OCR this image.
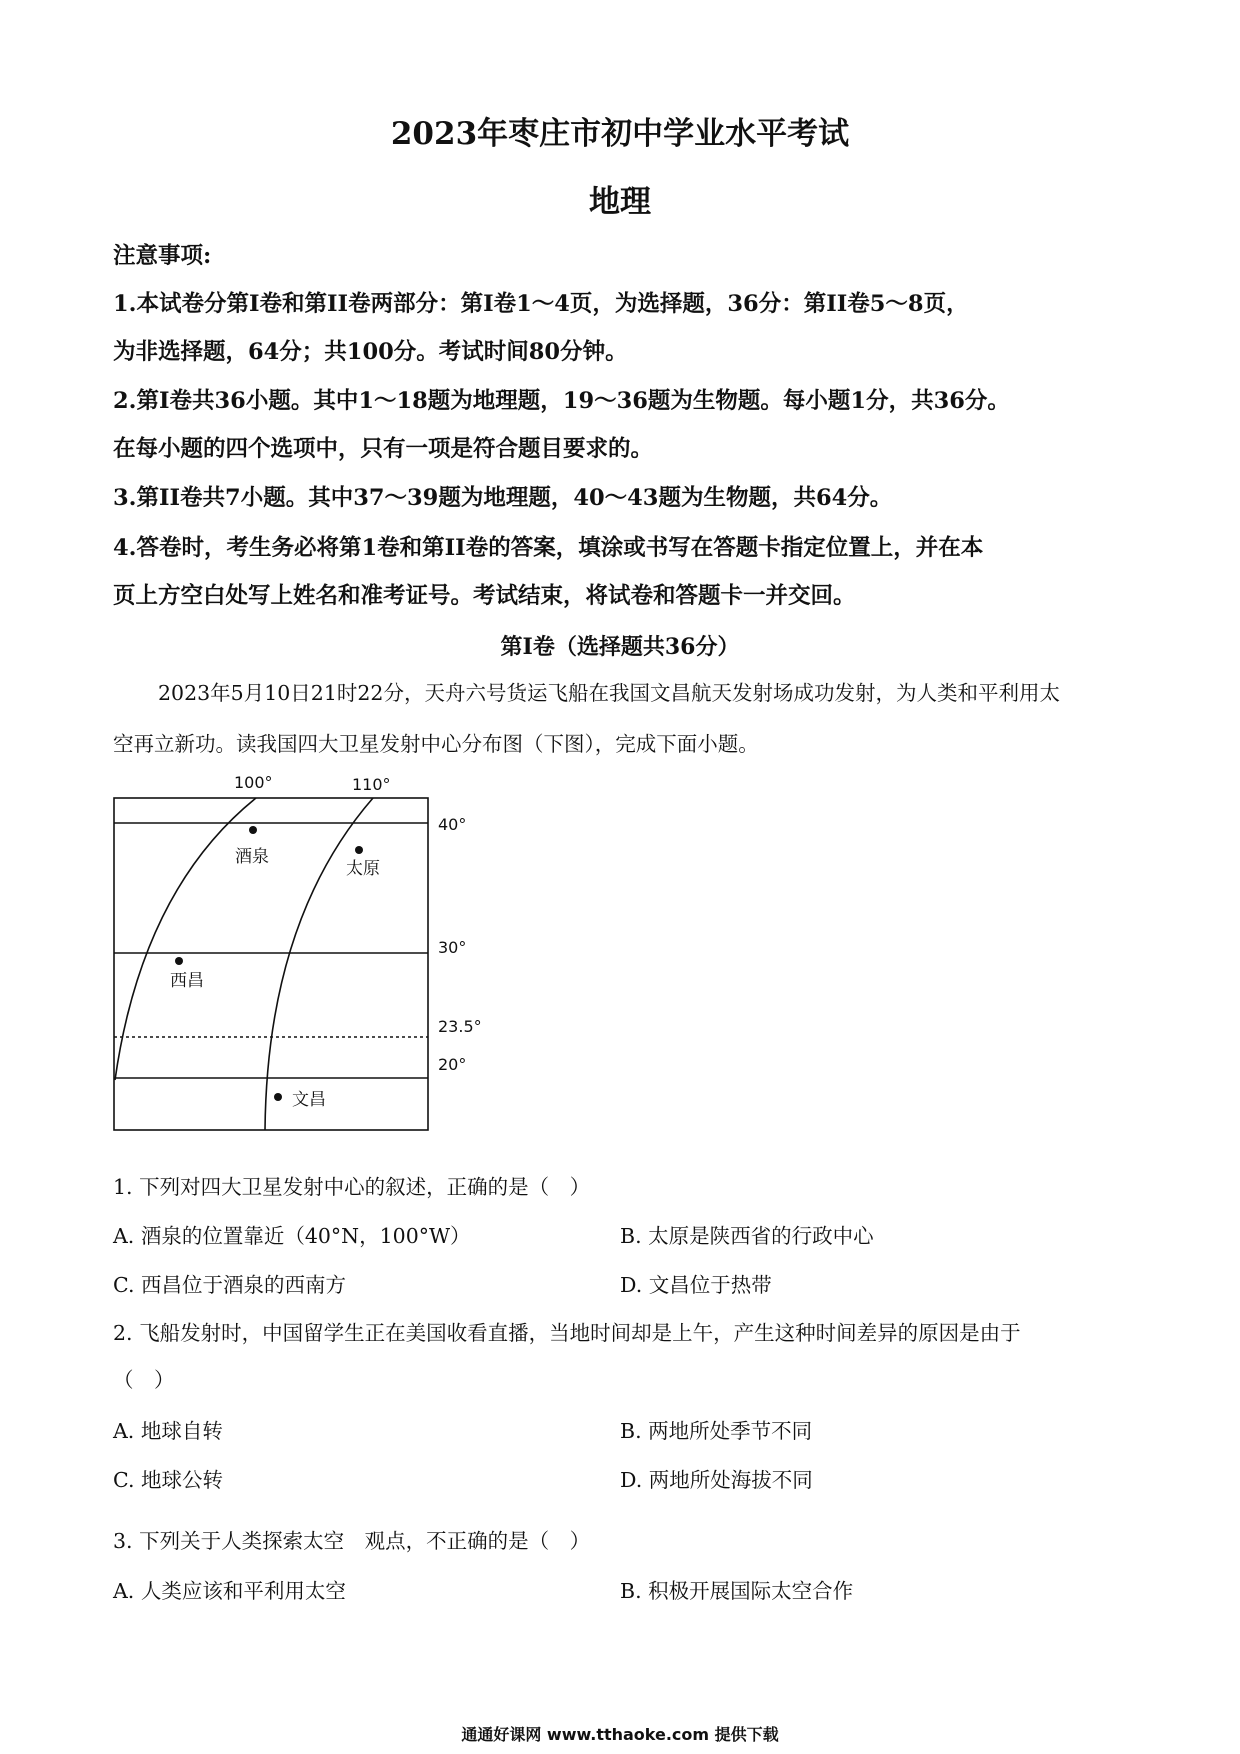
2023年枣庄市初中学业水平考试
地理
注意事项:
1.本试卷分第Ⅰ卷和第II卷两部分：第Ⅰ卷1～4页，为选择题，36分：第II卷5～8页，
为非选择题，64分；共100分。考试时间80分钟。
2.第Ⅰ卷共36小题。其中1～18题为地理题，19～36题为生物题。每小题1分，共36分。
在每小题的四个选项中，只有一项是符合题目要求的。
3.第II卷共7小题。其中37～39题为地理题，40～43题为生物题，共64分。
4.答卷时，考生务必将第1卷和第II卷的答案，填涂或书写在答题卡指定位置上，并在本
页上方空白处写上姓名和准考证号。考试结束，将试卷和答题卡一并交回。
第Ⅰ卷（选择题共36分）
2023年5月10日21时22分，天舟六号货运飞船在我国文昌航天发射场成功发射，为人类和平利用太
空再立新功。读我国四大卫星发射中心分布图（下图），完成下面小题。
100°	110°
40°
30°
23.5°
20°
酒泉
太原
西昌
文昌
1. 下列对四大卫星发射中心的叙述，正确的是（　）
A. 酒泉的位置靠近（40°N，100°W）	B. 太原是陕西省的行政中心
C. 西昌位于酒泉的西南方	D. 文昌位于热带
2. 飞船发射时，中国留学生正在美国收看直播，当地时间却是上午，产生这种时间差异的原因是由于
（　）
A. 地球自转	B. 两地所处季节不同
C. 地球公转	D. 两地所处海拔不同
3. 下列关于人类探索太空　观点，不正确的是（　）
A. 人类应该和平利用太空	B. 积极开展国际太空合作
通通好课网 www.tthaoke.com 提供下载
